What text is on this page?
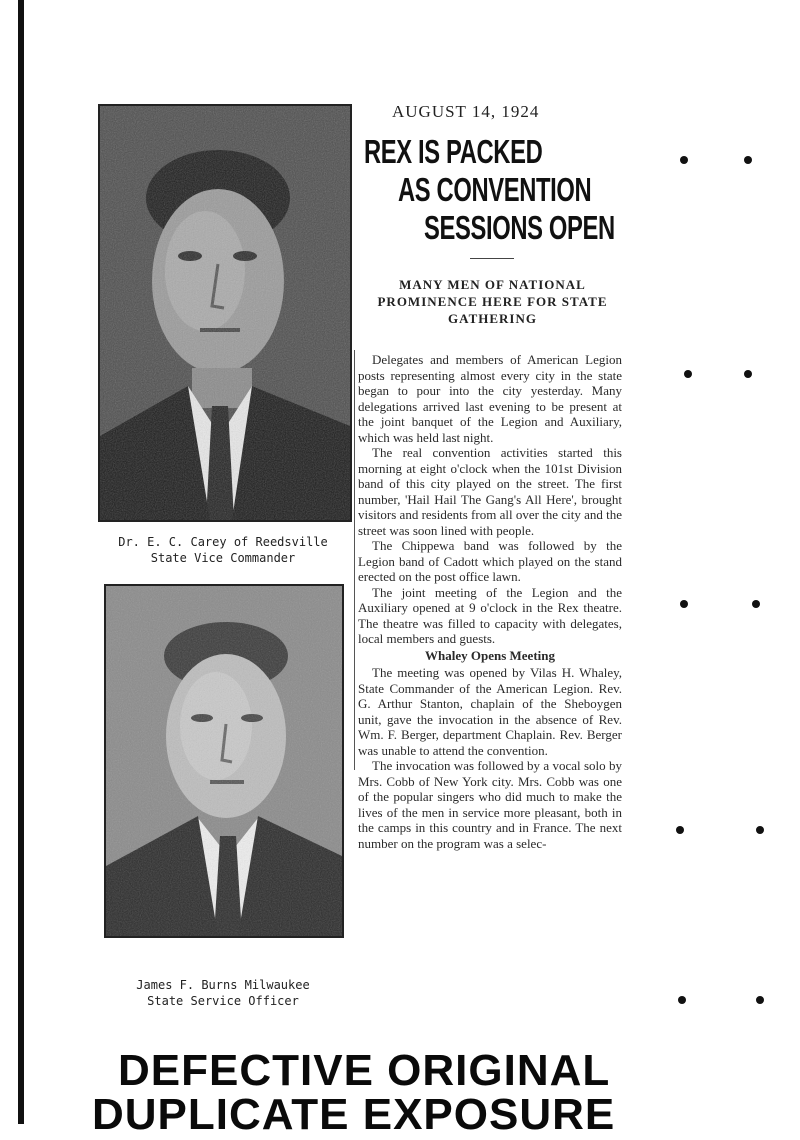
Dr. E. C. Carey of Reedsville
State Vice Commander
James F. Burns Milwaukee
State Service Officer
AUGUST 14, 1924
REX IS PACKED
AS CONVENTION
SESSIONS OPEN
MANY MEN OF NATIONAL PROMINENCE HERE FOR STATE GATHERING

Delegates and members of American Legion posts representing almost every city in the state began to pour into the city yesterday. Many delegations arrived last evening to be present at the joint banquet of the Legion and Auxiliary, which was held last night.

The real convention activities started this morning at eight o'clock when the 101st Division band of this city played on the street. The first number, 'Hail Hail The Gang's All Here', brought visitors and residents from all over the city and the street was soon lined with people.

The Chippewa band was followed by the Legion band of Cadott which played on the stand erected on the post office lawn.

The joint meeting of the Legion and the Auxiliary opened at 9 o'clock in the Rex theatre. The theatre was filled to capacity with delegates, local members and guests.

Whaley Opens Meeting

The meeting was opened by Vilas H. Whaley, State Commander of the American Legion. Rev. G. Arthur Stanton, chaplain of the Sheboygen unit, gave the invocation in the absence of Rev. Wm. F. Berger, department Chaplain. Rev. Berger was unable to attend the convention.

The invocation was followed by a vocal solo by Mrs. Cobb of New York city. Mrs. Cobb was one of the popular singers who did much to make the lives of the men in service more pleasant, both in the camps in this country and in France. The next number on the program was a selec-

DEFECTIVE ORIGINAL
DUPLICATE EXPOSURE
